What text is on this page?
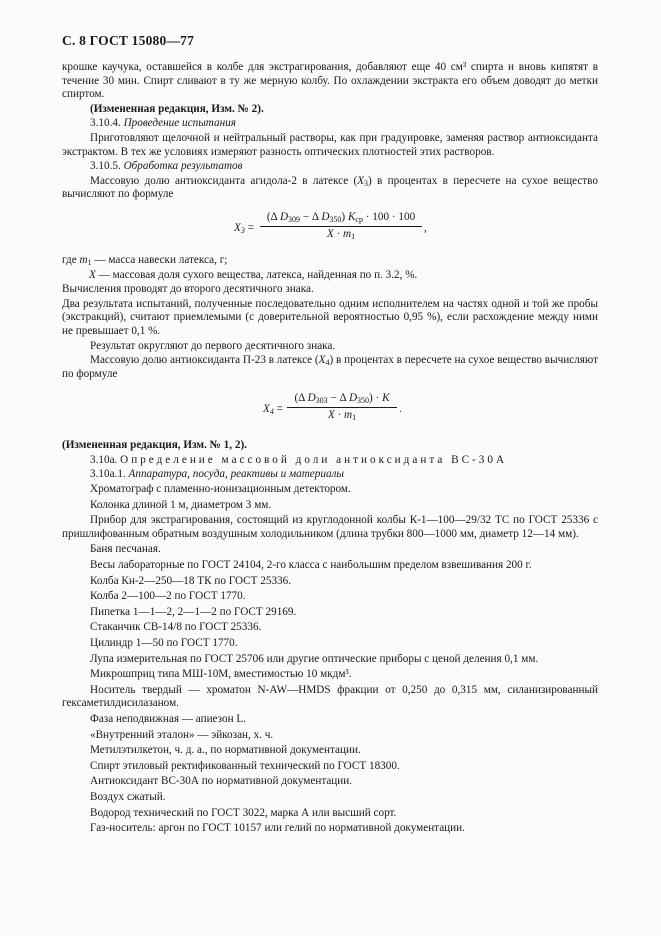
С. 8 ГОСТ 15080—77

крошке каучука, оставшейся в колбе для экстрагирования, добавляют еще 40 см³ спирта и вновь кипятят в течение 30 мин. Спирт сливают в ту же мерную колбу. По охлаждении экстракта его объем доводят до метки спиртом.

(Измененная редакция, Изм. № 2).

3.10.4. Проведение испытания

Приготовляют щелочной и нейтральный растворы, как при градуировке, заменяя раствор антиоксиданта экстрактом. В тех же условиях измеряют разность оптических плотностей этих растворов.

3.10.5. Обработка результатов

Массовую долю антиоксиданта агидола-2 в латексе $(X_3)$ в процентах в пересчете на сухое вещество вычисляют по формуле

$X_3$ =
(Δ $D_{309} - \Delta$ $D_{350}$) $K_{ср} \cdot 100 \cdot 100$
$X \cdot m_1$
,

где $m_1$ — масса навески латекса, г;

X — массовая доля сухого вещества, латекса, найденная по п. 3.2, %.

Вычисления проводят до второго десятичного знака.

Два результата испытаний, полученные последовательно одним исполнителем на частях одной и той же пробы (экстракций), считают приемлемыми (с доверительной вероятностью 0,95 %), если расхождение между ними не превышает 0,1 %.

Результат округляют до первого десятичного знака.

Массовую долю антиоксиданта П-23 в латексе $(X_4)$ в процентах в пересчете на сухое вещество вычисляют по формуле

$X_4$ =
(Δ $D_{303} - \Delta$ $D_{350}) \cdot K$
$X \cdot m_1$
.

(Измененная редакция, Изм. № 1, 2).

3.10а. Определение массовой доли антиоксиданта ВС-30А

3.10а.1. Аппаратура, посуда, реактивы и материалы

Хроматограф с пламенно-ионизационным детектором.

Колонка длиной 1 м, диаметром 3 мм.

Прибор для экстрагирования, состоящий из круглодонной колбы К-1—100—29/32 ТС по ГОСТ 25336 с пришлифованным обратным воздушным холодильником (длина трубки 800—1000 мм, диаметр 12—14 мм).

Баня песчаная.

Весы лабораторные по ГОСТ 24104, 2-го класса с наибольшим пределом взвешивания 200 г.

Колба Кн-2—250—18 ТК по ГОСТ 25336.

Колба 2—100—2 по ГОСТ 1770.

Пипетка 1—1—2, 2—1—2 по ГОСТ 29169.

Стаканчик СВ-14/8 по ГОСТ 25336.

Цилиндр 1—50 по ГОСТ 1770.

Лупа измерительная по ГОСТ 25706 или другие оптические приборы с ценой деления 0,1 мм.

Микрошприц типа МШ-10М, вместимостью 10 мкдм³.

Носитель твердый — хроматон N-AW—HMDS фракции от 0,250 до 0,315 мм, силанизированный гексаметилдисилазаном.

Фаза неподвижная — апиезон L.

«Внутренний эталон» — эйкозан, х. ч.

Метилэтилкетон, ч. д. а., по нормативной документации.

Спирт этиловый ректификованный технический по ГОСТ 18300.

Антиоксидант ВС-30А по нормативной документации.

Воздух сжатый.

Водород технический по ГОСТ 3022, марка А или высший сорт.

Газ-носитель: аргон по ГОСТ 10157 или гелий по нормативной документации.
